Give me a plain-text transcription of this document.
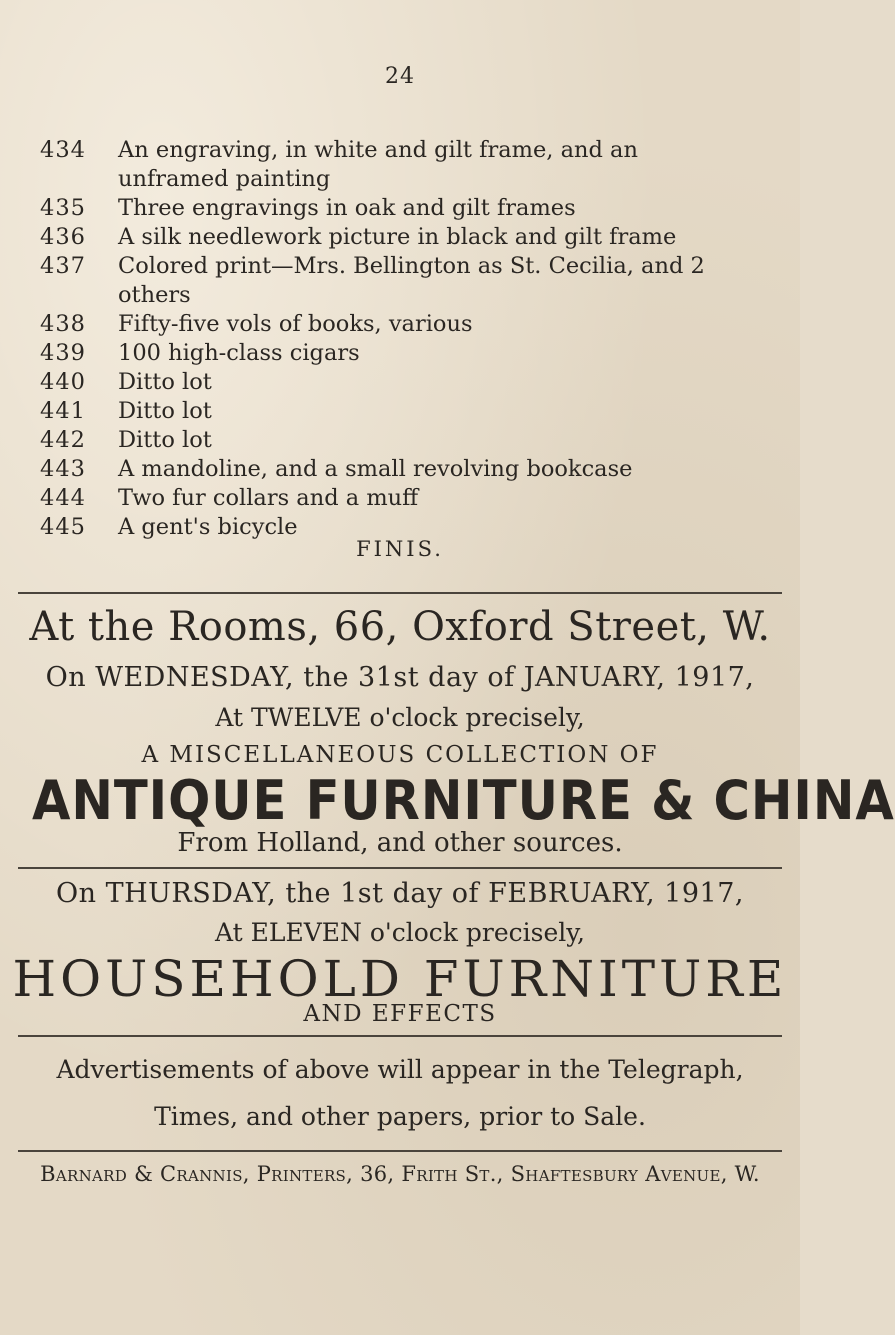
24
434 An engraving, in white and gilt frame, and an
unframed painting
435 Three engravings in oak and gilt frames
436 A silk needlework picture in black and gilt frame
437 Colored print—Mrs. Bellington as St. Cecilia, and 2
others
438 Fifty-five vols of books, various
439 100 high-class cigars
440 Ditto lot
441 Ditto lot
442 Ditto lot
443 A mandoline, and a small revolving bookcase
444 Two fur collars and a muff
445 A gent's bicycle
FINIS.
At the Rooms, 66, Oxford Street, W.
On WEDNESDAY, the 31st day of JANUARY, 1917,
At TWELVE o'clock precisely,
A MISCELLANEOUS COLLECTION OF
ANTIQUE FURNITURE & CHINA
From Holland, and other sources.
On THURSDAY, the 1st day of FEBRUARY, 1917,
At ELEVEN o'clock precisely,
HOUSEHOLD FURNITURE
AND EFFECTS
Advertisements of above will appear in the Telegraph,
Times, and other papers, prior to Sale.
Barnard & Crannis, Printers, 36, Frith St., Shaftesbury Avenue, W.
